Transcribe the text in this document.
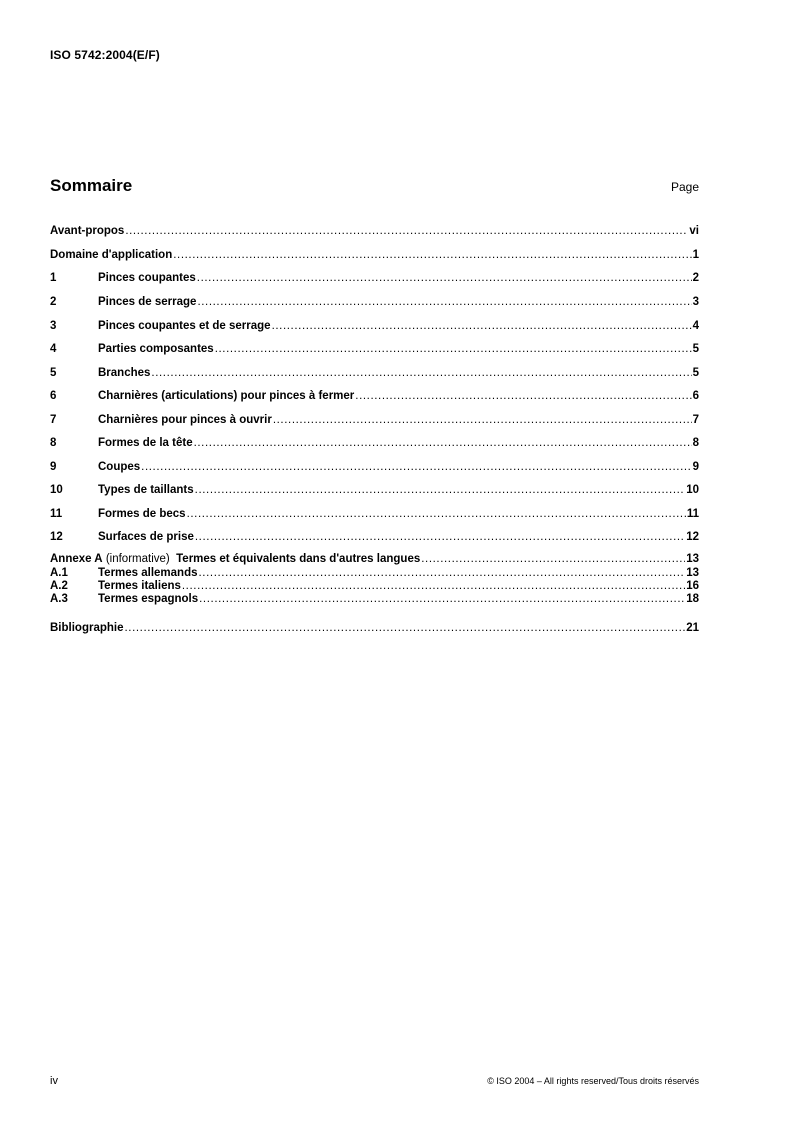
ISO 5742:2004(E/F)
Sommaire	Page
Avant-propos .....	vi
Domaine d'application .....	1
1	Pinces coupantes .....	2
2	Pinces de serrage .....	3
3	Pinces coupantes et de serrage .....	4
4	Parties composantes .....	5
5	Branches .....	5
6	Charnières (articulations) pour pinces à fermer .....	6
7	Charnières pour pinces à ouvrir .....	7
8	Formes de la tête .....	8
9	Coupes .....	9
10	Types de taillants .....	10
11	Formes de becs .....	11
12	Surfaces de prise .....	12
Annexe A (informative)  Termes et équivalents dans d'autres langues .....	13
A.1	Termes allemands .....	13
A.2	Termes italiens .....	16
A.3	Termes espagnols .....	18
Bibliographie .....	21
iv	© ISO 2004 – All rights reserved/Tous droits réservés
